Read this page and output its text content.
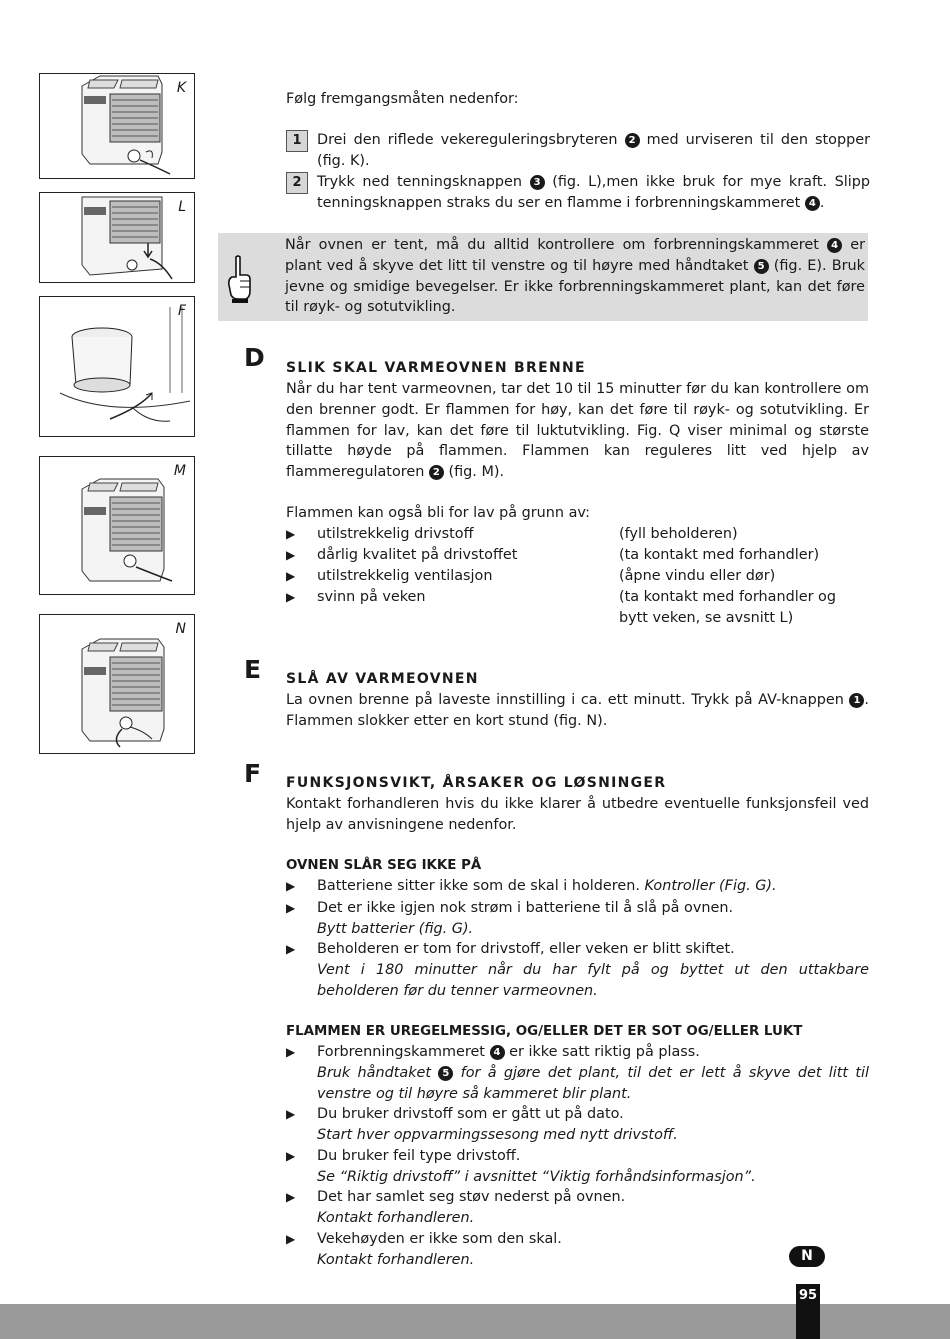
K
L
F
M
N
Følg fremgangsmåten nedenfor:
1	Drei den riflede vekereguleringsbryteren 2 med urviseren til den stopper (fig. K).
2	Trykk ned tenningsknappen 3 (fig. L),men ikke bruk for mye kraft. Slipp tenningsknappen straks du ser en flamme i forbrenningskammeret 4 .
Når ovnen er tent, må du alltid kontrollere om forbrenningskammeret 4 er plant ved å skyve det litt til venstre og til høyre med håndtaket 5 (fig. E). Bruk jevne og smidige bevegelser. Er ikke forbrenningskammeret plant, kan det føre til røyk- og sotutvikling.
D SLIK SKAL VARMEOVNEN BRENNE
Når du har tent varmeovnen, tar det 10 til 15 minutter før du kan kontrollere om den brenner godt. Er flammen for høy, kan det føre til røyk- og sotutvikling. Er flammen for lav, kan det føre til luktutvikling. Fig. Q viser minimal og største tillatte høyde på flammen. Flammen kan reguleres litt ved hjelp av flammeregulatoren 2 (fig. M).
Flammen kan også bli for lav på grunn av:
▶ utilstrekkelig drivstoff	(fyll beholderen)
▶ dårlig kvalitet på drivstoffet	(ta kontakt med forhandler)
▶ utilstrekkelig ventilasjon	(åpne vindu eller dør)
▶ svinn på veken	(ta kontakt med forhandler og
bytt veken, se avsnitt L)
E SLÅ AV VARMEOVNEN
La ovnen brenne på laveste innstilling i ca. ett minutt. Trykk på AV-knappen 1 . Flammen slokker etter en kort stund (fig. N).
F FUNKSJONSVIKT, ÅRSAKER OG LØSNINGER
Kontakt forhandleren hvis du ikke klarer å utbedre eventuelle funksjonsfeil ved hjelp av anvisningene nedenfor.
OVNEN SLÅR SEG IKKE PÅ
▶ Batteriene sitter ikke som de skal i holderen. Kontroller (Fig. G).
▶ Det er ikke igjen nok strøm i batteriene til å slå på ovnen.
Bytt batterier (fig. G).
▶ Beholderen er tom for drivstoff, eller veken er blitt skiftet.
Vent i 180 minutter når du har fylt på og byttet ut den uttakbare beholderen før du tenner varmeovnen.
FLAMMEN ER UREGELMESSIG, OG/ELLER DET ER SOT OG/ELLER LUKT
▶ Forbrenningskammeret 4 er ikke satt riktig på plass.
Bruk håndtaket 5 for å gjøre det plant, til det er lett å skyve det litt til venstre og til høyre så kammeret blir plant.
▶ Du bruker drivstoff som er gått ut på dato.
Start hver oppvarmingssesong med nytt drivstoff.
▶ Du bruker feil type drivstoff.
Se “Riktig drivstoff” i avsnittet “Viktig forhåndsinformasjon”.
▶ Det har samlet seg støv nederst på ovnen.
Kontakt forhandleren.
▶ Vekehøyden er ikke som den skal.
Kontakt forhandleren.	N
95
